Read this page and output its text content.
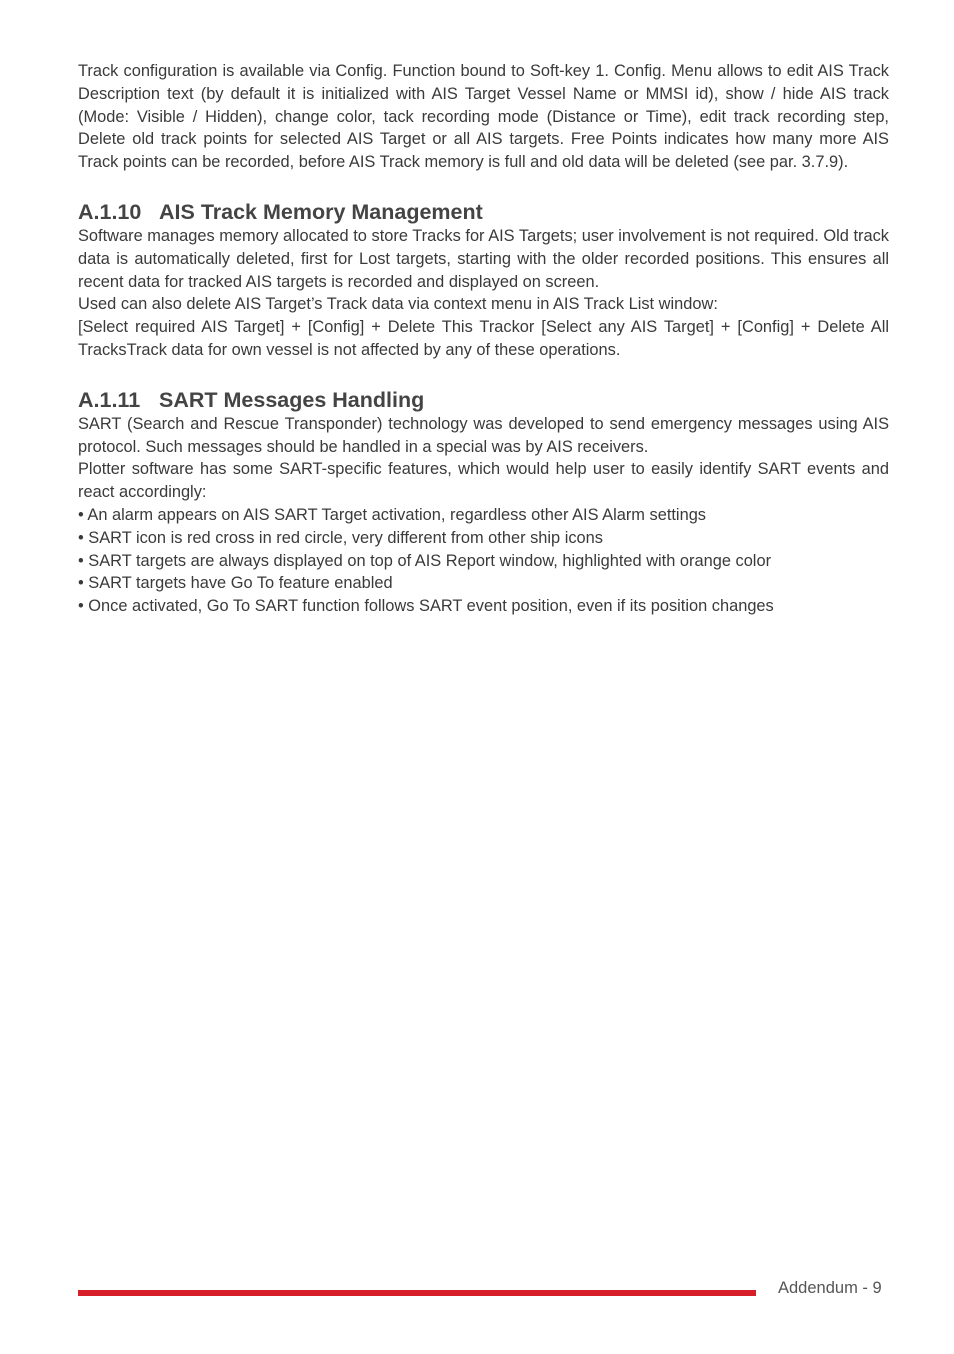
Track configuration is available via Config. Function bound to Soft-key 1. Config. Menu allows to edit AIS Track Description text (by default it is initialized with AIS Target Vessel Name or MMSI id), show / hide AIS track (Mode: Visible / Hidden), change color, tack recording mode (Distance or Time), edit track recording step, Delete old track points for selected AIS Target or all AIS targets. Free Points indicates how many more AIS Track points can be recorded, before AIS Track memory is full and old data will be deleted (see par. 3.7.9).

A.1.10 AIS Track Memory Management

Software manages memory allocated to store Tracks for AIS Targets; user involvement is not required. Old track data is automatically deleted, first for Lost targets, starting with the older recorded positions. This ensures all recent data for tracked AIS targets is recorded and displayed on screen.

Used can also delete AIS Target’s Track data via context menu in AIS Track List window:

[Select required AIS Target] + [Config] + Delete This Trackor [Select any AIS Target] + [Config] + Delete All TracksTrack data for own vessel is not affected by any of these operations.

A.1.11 SART Messages Handling

SART (Search and Rescue Transponder) technology was developed to send emergency messages using AIS protocol. Such messages should be handled in a special was by AIS receivers.

Plotter software has some SART-specific features, which would help user to easily identify SART events and react accordingly:

• An alarm appears on AIS SART Target activation, regardless other AIS Alarm settings
• SART icon is red cross in red circle, very different from other ship icons
• SART targets are always displayed on top of AIS Report window, highlighted with orange color
• SART targets have Go To feature enabled
• Once activated, Go To SART function follows SART event position, even if its position changes
Addendum - 9
